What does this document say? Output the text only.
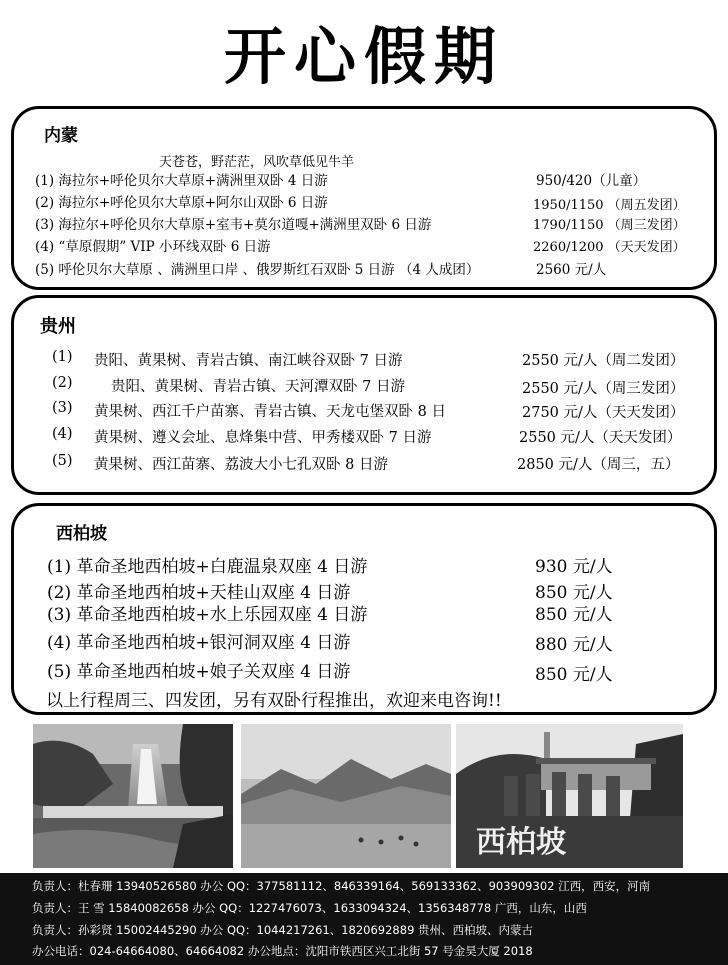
开心假期
内蒙
天苍苍，野茫茫，风吹草低见牛羊
(1) 海拉尔+呼伦贝尔大草原+满洲里双卧 4 日游	950/420（儿童）
(2) 海拉尔+呼伦贝尔大草原+阿尔山双卧 6 日游	1950/1150 （周五发团）
(3) 海拉尔+呼伦贝尔大草原+室韦+莫尔道嘎+满洲里双卧 6 日游	1790/1150 （周三发团）
(4) “草原假期” VIP 小环线双卧 6 日游	2260/1200 （天天发团）
(5) 呼伦贝尔大草原 、满洲里口岸 、俄罗斯红石双卧 5 日游 （4 人成团）	2560 元/人
贵州
(1) 贵阳、黄果树、青岩古镇、南江峡谷双卧 7 日游	2550 元/人（周二发团）
(2)	贵阳、黄果树、青岩古镇、天河潭双卧 7 日游	2550 元/人（周三发团）
(3) 黄果树、西江千户苗寨、青岩古镇、天龙屯堡双卧 8 日	2750 元/人（天天发团）
(4) 黄果树、遵义会址、息烽集中营、甲秀楼双卧 7 日游	2550 元/人（天天发团）
(5) 黄果树、西江苗寨、荔波大小七孔双卧 8 日游	2850 元/人（周三，五）
西柏坡
(1) 革命圣地西柏坡+白鹿温泉双座 4 日游	930 元/人
(2) 革命圣地西柏坡+天桂山双座 4 日游	850 元/人
(3) 革命圣地西柏坡+水上乐园双座 4 日游	850 元/人
(4) 革命圣地西柏坡+银河洞双座 4 日游	880 元/人
(5) 革命圣地西柏坡+娘子关双座 4 日游	850 元/人
以上行程周三、四发团，另有双卧行程推出，欢迎来电咨询!!
西柏坡
负责人：杜春珊 13940526580 办公 QQ：377581112、846339164、569133362、903909302 江西，西安，河南
负责人：王 雪 15840082658 办公 QQ：1227476073、1633094324、1356348778 广西，山东，山西
负责人：孙彩贤 15002445290 办公 QQ：1044217261、1820692889 贵州、西柏坡、内蒙古
办公电话：024-64664080、64664082 办公地点：沈阳市铁西区兴工北街 57 号金昊大厦 2018
